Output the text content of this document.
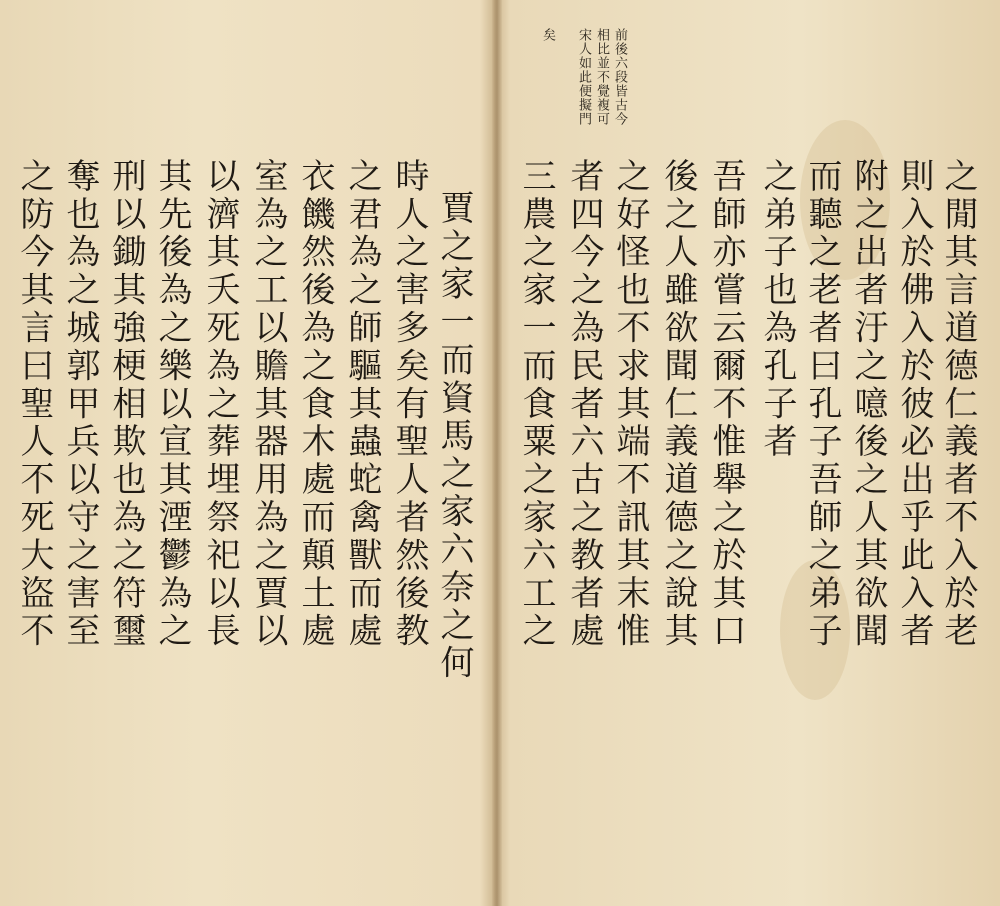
前後六段皆古今
相比並不覺複可
宋人如此便擬門
矣
之閒其言道德仁義者不入於老
則入於佛入於彼必出乎此入者
附之出者汙之噫後之人其欲聞
而聽之老者曰孔子吾師之弟子
之弟子也為孔子者
吾師亦嘗云爾不惟舉之於其口
後之人雖欲聞仁義道德之說其
之好怪也不求其端不訊其末惟
者四今之為民者六古之教者處
三農之家一而食粟之家六工之
賈之家一而資馬之家六奈之何
時人之害多矣有聖人者然後教
之君為之師驅其蟲蛇禽獸而處
衣饑然後為之食木處而顛土處
室為之工以贍其器用為之賈以
以濟其夭死為之葬埋祭祀以長
其先後為之樂以宣其湮鬱為之
刑以鋤其強梗相欺也為之符璽
奪也為之城郭甲兵以守之害至
之防今其言曰聖人不死大盜不
